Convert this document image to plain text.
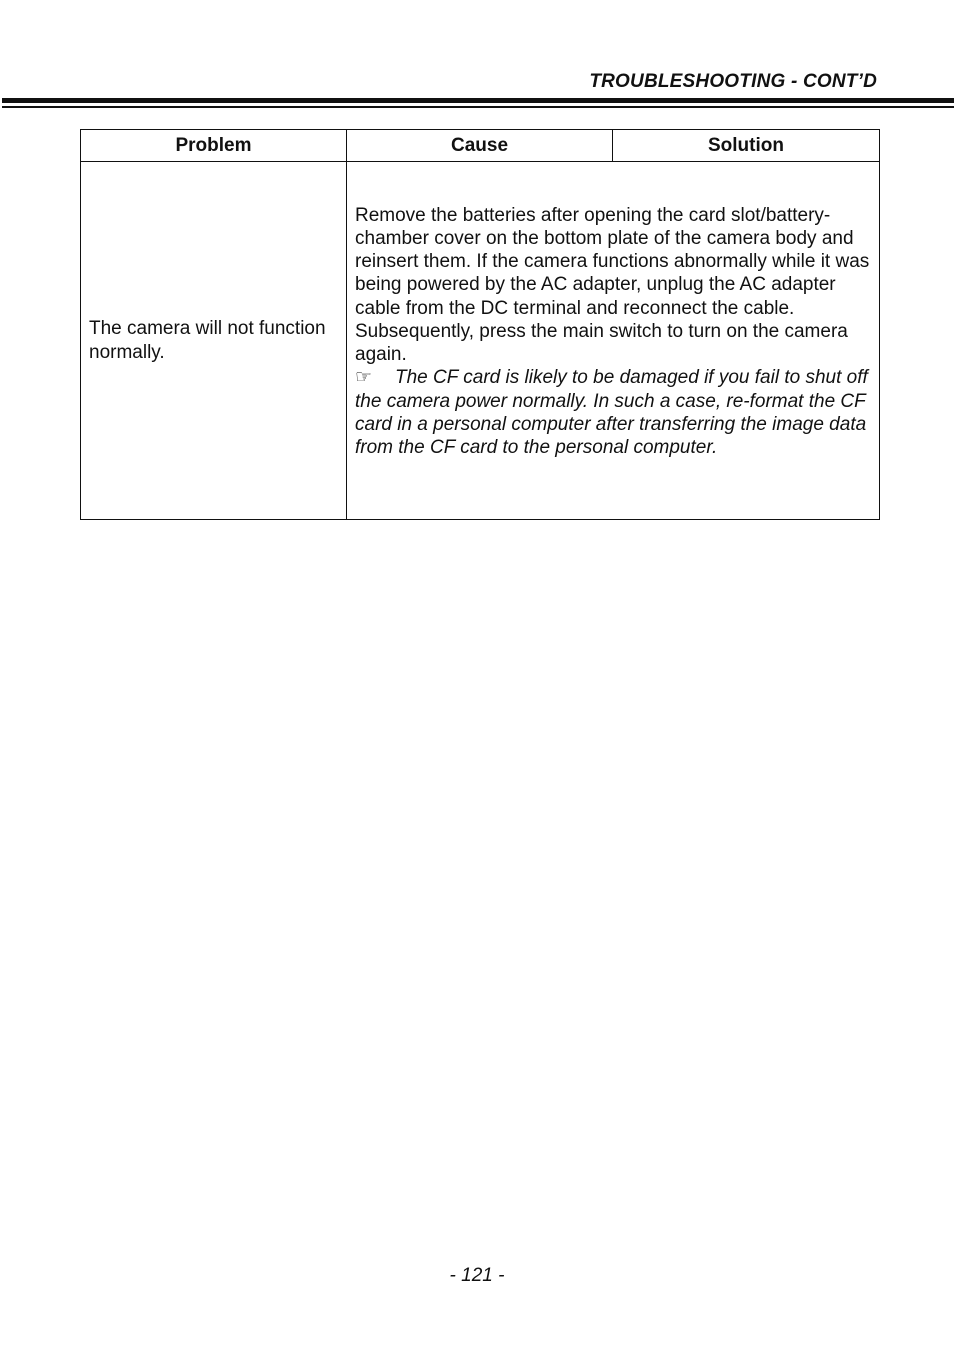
TROUBLESHOOTING - CONT’D
Problem	Cause	Solution
The camera will not function normally.	Remove the batteries after opening the card slot/battery-chamber cover on the bottom plate of the camera body and reinsert them. If the camera functions abnormally while it was being powered by the AC adapter, unplug the AC adapter cable from the DC terminal and reconnect the cable. Subsequently, press the main switch to turn on the camera again.
☞ The CF card is likely to be damaged if you fail to shut off the camera power normally. In such a case, re-format the CF card in a personal computer after transferring the image data from the CF card to the personal computer.	
- 121 -
